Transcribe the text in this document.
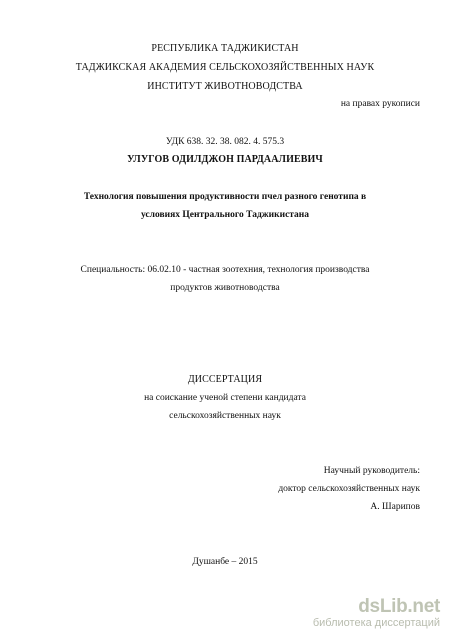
РЕСПУБЛИКА ТАДЖИКИСТАН
ТАДЖИКСКАЯ АКАДЕМИЯ СЕЛЬСКОХОЗЯЙСТВЕННЫХ НАУК
ИНСТИТУТ ЖИВОТНОВОДСТВА
на правах рукописи
УДК 638. 32. 38. 082. 4. 575.3
УЛУГОВ ОДИЛДЖОН ПАРДААЛИЕВИЧ
Технология повышения продуктивности пчел разного генотипа в
условиях Центрального Таджикистана
Специальность: 06.02.10 - частная зоотехния, технология производства
продуктов животноводства
ДИССЕРТАЦИЯ
на соискание ученой степени кандидата
сельскохозяйственных наук
Научный руководитель:
доктор сельскохозяйственных наук
А. Шарипов
Душанбе – 2015
dsLib.net
библиотека диссертаций
